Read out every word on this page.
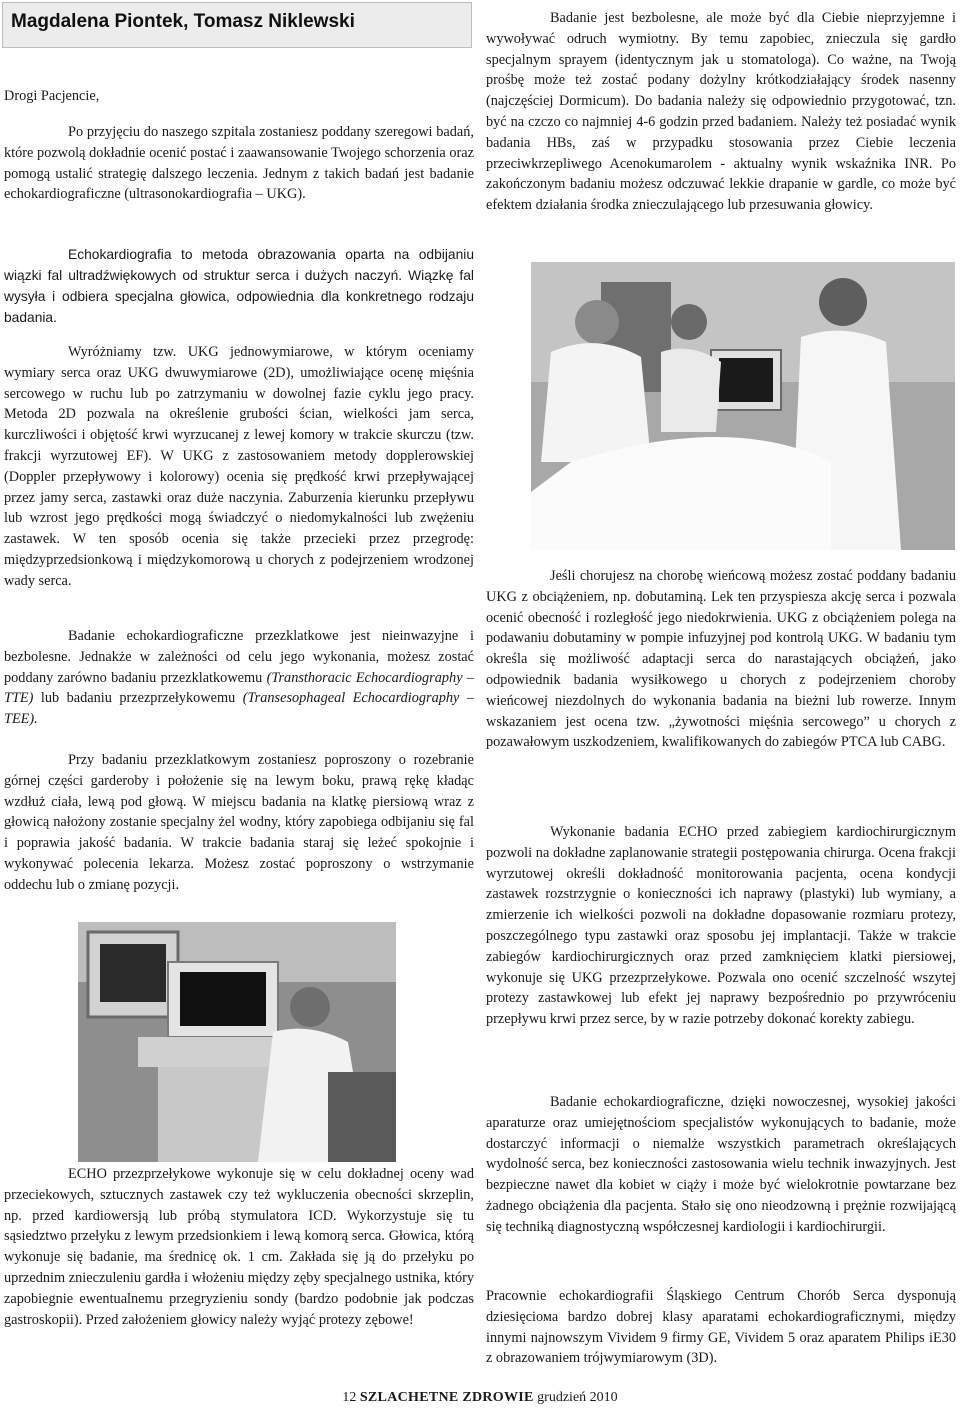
Magdalena Piontek, Tomasz Niklewski

Drogi Pacjencie,

Po przyjęciu do naszego szpitala zostaniesz poddany szeregowi badań, które pozwolą dokładnie ocenić postać i zaawansowanie Twojego schorzenia oraz pomogą ustalić strategię dalszego leczenia. Jednym z takich badań jest badanie echokardiograficzne (ultrasonokardiografia – UKG).

Echokardiografia to metoda obrazowania oparta na odbijaniu wiązki fal ultradźwiękowych od struktur serca i dużych naczyń. Wiązkę fal wysyła i odbiera specjalna głowica, odpowiednia dla konkretnego rodzaju badania.

Wyróżniamy tzw. UKG jednowymiarowe, w którym oceniamy wymiary serca oraz UKG dwuwymiarowe (2D), umożliwiające ocenę mięśnia sercowego w ruchu lub po zatrzymaniu w dowolnej fazie cyklu jego pracy. Metoda 2D pozwala na określenie grubości ścian, wielkości jam serca, kurczliwości i objętość krwi wyrzucanej z lewej komory w trakcie skurczu (tzw. frakcji wyrzutowej EF). W UKG z zastosowaniem metody dopplerowskiej (Doppler przepływowy i kolorowy) ocenia się prędkość krwi przepływającej przez jamy serca, zastawki oraz duże naczynia. Zaburzenia kierunku przepływu lub wzrost jego prędkości mogą świadczyć o niedomykalności lub zwężeniu zastawek. W ten sposób ocenia się także przecieki przez przegrodę: międzyprzedsionkową i międzykomorową u chorych z podejrzeniem wrodzonej wady serca.

Badanie echokardiograficzne przezklatkowe jest nieinwazyjne i bezbolesne. Jednakże w zależności od celu jego wykonania, możesz zostać poddany zarówno badaniu przezklatkowemu (Transthoracic Echocardiography – TTE) lub badaniu przezprzełykowemu (Transesophageal Echocardiography – TEE).

Przy badaniu przezklatkowym zostaniesz poproszony o rozebranie górnej części garderoby i położenie się na lewym boku, prawą rękę kładąc wzdłuż ciała, lewą pod głową. W miejscu badania na klatkę piersiową wraz z głowicą nałożony zostanie specjalny żel wodny, który zapobiega odbijaniu się fal i poprawia jakość badania. W trakcie badania staraj się leżeć spokojnie i wykonywać polecenia lekarza. Możesz zostać poproszony o wstrzymanie oddechu lub o zmianę pozycji.

ECHO przezprzełykowe wykonuje się w celu dokładnej oceny wad przeciekowych, sztucznych zastawek czy też wykluczenia obecności skrzeplin, np. przed kardiowersją lub próbą stymulatora ICD. Wykorzystuje się tu sąsiedztwo przełyku z lewym przedsionkiem i lewą komorą serca. Głowica, którą wykonuje się badanie, ma średnicę ok. 1 cm. Zakłada się ją do przełyku po uprzednim znieczuleniu gardła i włożeniu między zęby specjalnego ustnika, który zapobiegnie ewentualnemu przegryzieniu sondy (bardzo podobnie jak podczas gastroskopii). Przed założeniem głowicy należy wyjąć protezy zębowe!

Badanie jest bezbolesne, ale może być dla Ciebie nieprzyjemne i wywoływać odruch wymiotny. By temu zapobiec, znieczula się gardło specjalnym sprayem (identycznym jak u stomatologa). Co ważne, na Twoją prośbę może też zostać podany dożylny krótkodziałający środek nasenny (najczęściej Dormicum). Do badania należy się odpowiednio przygotować, tzn. być na czczo co najmniej 4-6 godzin przed badaniem. Należy też posiadać wynik badania HBs, zaś w przypadku stosowania przez Ciebie leczenia przeciwkrzepliwego Acenokumarolem - aktualny wynik wskaźnika INR. Po zakończonym badaniu możesz odczuwać lekkie drapanie w gardle, co może być efektem działania środka znieczulającego lub przesuwania głowicy.

Jeśli chorujesz na chorobę wieńcową możesz zostać poddany badaniu UKG z obciążeniem, np. dobutaminą. Lek ten przyspiesza akcję serca i pozwala ocenić obecność i rozległość jego niedokrwienia. UKG z obciążeniem polega na podawaniu dobutaminy w pompie infuzyjnej pod kontrolą UKG. W badaniu tym określa się możliwość adaptacji serca do narastających obciążeń, jako odpowiednik badania wysiłkowego u chorych z podejrzeniem choroby wieńcowej niezdolnych do wykonania badania na bieżni lub rowerze. Innym wskazaniem jest ocena tzw. „żywotności mięśnia sercowego” u chorych z pozawałowym uszkodzeniem, kwalifikowanych do zabiegów PTCA lub CABG.

Wykonanie badania ECHO przed zabiegiem kardiochirurgicznym pozwoli na dokładne zaplanowanie strategii postępowania chirurga. Ocena frakcji wyrzutowej określi dokładność monitorowania pacjenta, ocena kondycji zastawek rozstrzygnie o konieczności ich naprawy (plastyki) lub wymiany, a zmierzenie ich wielkości pozwoli na dokładne dopasowanie rozmiaru protezy, poszczególnego typu zastawki oraz sposobu jej implantacji. Także w trakcie zabiegów kardiochirurgicznych oraz przed zamknięciem klatki piersiowej, wykonuje się UKG przezprzełykowe. Pozwala ono ocenić szczelność wszytej protezy zastawkowej lub efekt jej naprawy bezpośrednio po przywróceniu przepływu krwi przez serce, by w razie potrzeby dokonać korekty zabiegu.

Badanie echokardiograficzne, dzięki nowoczesnej, wysokiej jakości aparaturze oraz umiejętnościom specjalistów wykonujących to badanie, może dostarczyć informacji o niemalże wszystkich parametrach określających wydolność serca, bez konieczności zastosowania wielu technik inwazyjnych. Jest bezpieczne nawet dla kobiet w ciąży i może być wielokrotnie powtarzane bez żadnego obciążenia dla pacjenta. Stało się ono nieodzowną i prężnie rozwijającą się techniką diagnostyczną współczesnej kardiologii i kardiochirurgii.

Pracownie echokardiografii Śląskiego Centrum Chorób Serca dysponują dziesięciома bardzo dobrej klasy aparatami echokardiograficznymi, między innymi najnowszym Vividem 9 firmy GE, Vividem 5 oraz aparatem Philips iE30 z obrazowaniem trójwymiarowym (3D).

12 SZLACHETNE ZDROWIE grudzień 2010
